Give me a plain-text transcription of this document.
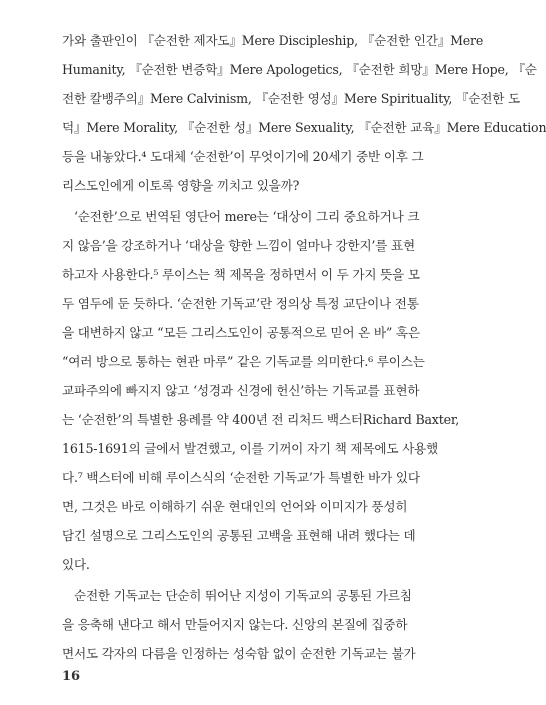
가와 출판인이 『순전한 제자도』Mere Discipleship, 『순전한 인간』Mere
Humanity, 『순전한 변증학』Mere Apologetics, 『순전한 희망』Mere Hope, 『순
전한 칼뱅주의』Mere Calvinism, 『순전한 영성』Mere Spirituality, 『순전한 도
덕』Mere Morality, 『순전한 성』Mere Sexuality, 『순전한 교육』Mere Education
등을 내놓았다.⁴ 도대체 ‘순전한’이 무엇이기에 20세기 중반 이후 그
리스도인에게 이토록 영향을 끼치고 있을까?
‘순전한’으로 번역된 영단어 mere는 ‘대상이 그리 중요하거나 크
지 않음’을 강조하거나 ‘대상을 향한 느낌이 얼마나 강한지’를 표현
하고자 사용한다.⁵ 루이스는 책 제목을 정하면서 이 두 가지 뜻을 모
두 염두에 둔 듯하다. ‘순전한 기독교’란 정의상 특정 교단이나 전통
을 대변하지 않고 “모든 그리스도인이 공통적으로 믿어 온 바” 혹은
“여러 방으로 통하는 현관 마루” 같은 기독교를 의미한다.⁶ 루이스는
교파주의에 빠지지 않고 ‘성경과 신경에 헌신’하는 기독교를 표현하
는 ‘순전한’의 특별한 용례를 약 400년 전 리처드 백스터Richard Baxter,
1615-1691의 글에서 발견했고, 이를 기꺼이 자기 책 제목에도 사용했
다.⁷ 백스터에 비해 루이스식의 ‘순전한 기독교’가 특별한 바가 있다
면, 그것은 바로 이해하기 쉬운 현대인의 언어와 이미지가 풍성히
담긴 설명으로 그리스도인의 공통된 고백을 표현해 내려 했다는 데
있다.
순전한 기독교는 단순히 뛰어난 지성이 기독교의 공통된 가르침
을 응축해 낸다고 해서 만들어지지 않는다. 신앙의 본질에 집중하
면서도 각자의 다름을 인정하는 성숙함 없이 순전한 기독교는 불가
16
